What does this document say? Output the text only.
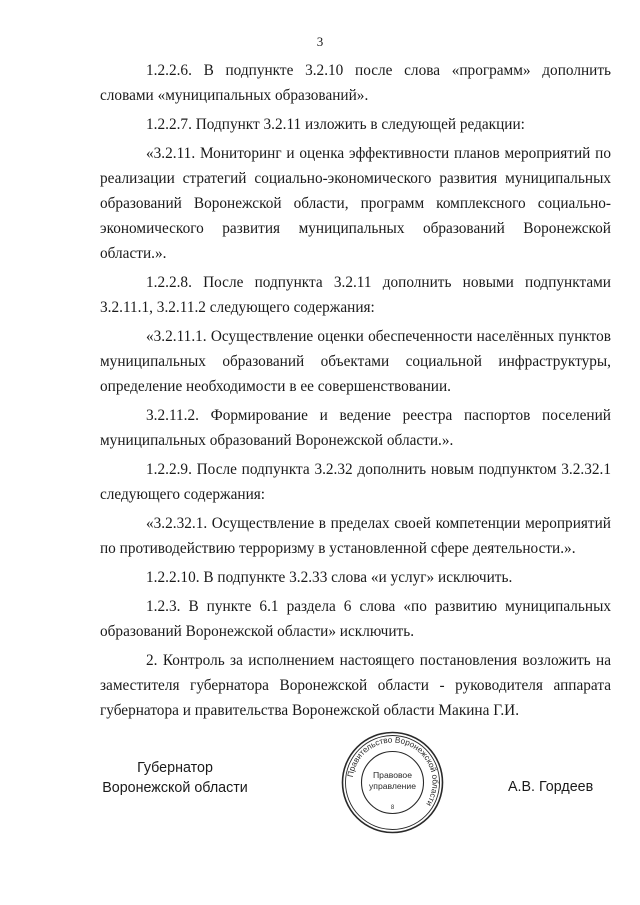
3

1.2.2.6. В подпункте 3.2.10 после слова «программ» дополнить словами «муниципальных образований».

1.2.2.7. Подпункт 3.2.11 изложить в следующей редакции:

«3.2.11. Мониторинг и оценка эффективности планов мероприятий по реализации стратегий социально-экономического развития муниципальных образований Воронежской области, программ комплексного социально-экономического развития муниципальных образований Воронежской области.».

1.2.2.8. После подпункта 3.2.11 дополнить новыми подпунктами 3.2.11.1, 3.2.11.2 следующего содержания:

«3.2.11.1. Осуществление оценки обеспеченности населённых пунктов муниципальных образований объектами социальной инфраструктуры, определение необходимости в ее совершенствовании.

3.2.11.2. Формирование и ведение реестра паспортов поселений муниципальных образований Воронежской области.».

1.2.2.9. После подпункта 3.2.32 дополнить новым подпунктом 3.2.32.1 следующего содержания:

«3.2.32.1. Осуществление в пределах своей компетенции мероприятий по противодействию терроризму в установленной сфере деятельности.».

1.2.2.10. В подпункте 3.2.33 слова «и услуг» исключить.

1.2.3. В пункте 6.1 раздела 6 слова «по развитию муниципальных образований Воронежской области» исключить.

2. Контроль за исполнением настоящего постановления возложить на заместителя губернатора Воронежской области - руководителя аппарата губернатора и правительства Воронежской области Макина Г.И.

Губернатор
Воронежской области
Правительство Воронежской области
Правовое
управление
8
А.В. Гордеев
